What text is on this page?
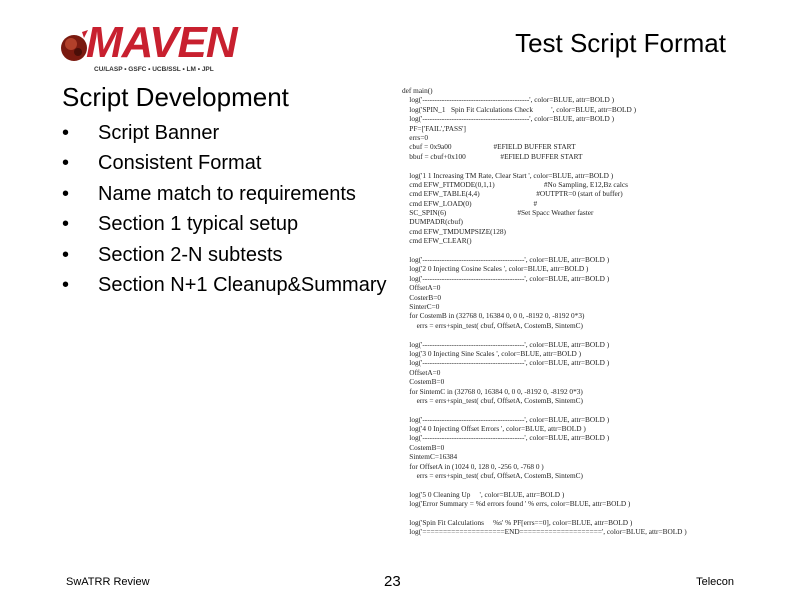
MAVEN
CU/LASP • GSFC • UCB/SSL • LM • JPL
Test Script Format
Script Development
• Script Banner
• Consistent Format
• Name match to requirements
• Section 1 typical setup
• Section 2-N subtests
• Section N+1 Cleanup&Summary
def main()
log('--------------------------------------------', color=BLUE, attr=BOLD )
log('SPIN_1   Spin Fit Calculations Check          ', color=BLUE, attr=BOLD )
log('--------------------------------------------', color=BLUE, attr=BOLD )
PF=['FAIL','PASS']
errs=0
cbuf = 0x9a00                       #EFIELD BUFFER START
bbuf = cbuf+0x100                   #EFIELD BUFFER START
log('1 1 Increasing TM Rate, Clear Start ', color=BLUE, attr=BOLD )
cmd EFW_FITMODE(0,1,1)                           #No Sampling, E12,Bz calcs
cmd EFW_TABLE(4,4)                               #OUTPTR=0 (start of buffer)
cmd EFW_LOAD(0)                                  #
SC_SPIN(6)                                       #Set Spacc Weather faster
DUMPADR(cbuf)
cmd EFW_TMDUMPSIZE(128)
cmd EFW_CLEAR()
log('------------------------------------------', color=BLUE, attr=BOLD )
log('2 0 Injecting Cosine Scales ', color=BLUE, attr=BOLD )
log('------------------------------------------', color=BLUE, attr=BOLD )
OffsetA=0
CosterB=0
SinterC=0
for CostemB in (32768 0, 16384 0, 0 0, -8192 0, -8192 0*3)
errs = errs+spin_test( cbuf, OffsetA, CostemB, SintemC)
log('------------------------------------------', color=BLUE, attr=BOLD )
log('3 0 Injecting Sine Scales ', color=BLUE, attr=BOLD )
log('------------------------------------------', color=BLUE, attr=BOLD )
OffsetA=0
CostemB=0
for SintemC in (32768 0, 16384 0, 0 0, -8192 0, -8192 0*3)
errs = errs+spin_test( cbuf, OffsetA, CostemB, SintemC)
log('------------------------------------------', color=BLUE, attr=BOLD )
log('4 0 Injecting Offset Errors ', color=BLUE, attr=BOLD )
log('------------------------------------------', color=BLUE, attr=BOLD )
CostemB=0
SintemC=16384
for OffsetA in (1024 0, 128 0, -256 0, -768 0 )
errs = errs+spin_test( cbuf, OffsetA, CostemB, SintemC)
log('5 0 Cleaning Up     ', color=BLUE, attr=BOLD )
log('Error Summary = %d errors found ' % errs, color=BLUE, attr=BOLD )
log('Spin Fit Calculations     %s' % PF[errs==0], color=BLUE, attr=BOLD )
log('====================END====================', color=BLUE, attr=BOLD )
SwATRR Review	23	Telecon
